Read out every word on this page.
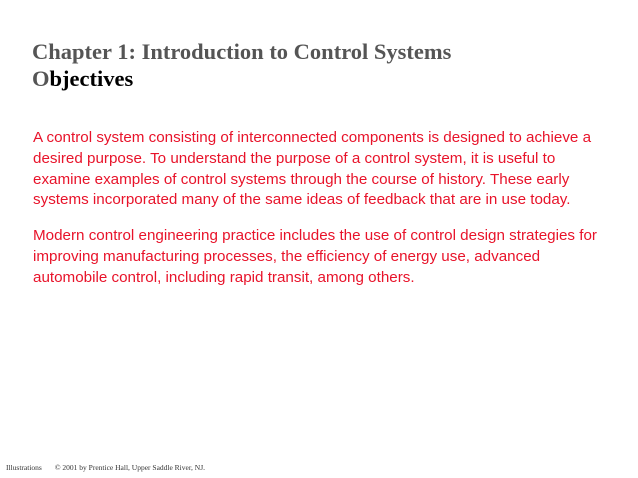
Chapter 1: Introduction to Control Systems
Objectives
A control system consisting of interconnected components is designed to achieve a
desired purpose. To understand the purpose of a control system, it is useful to
examine examples of control systems through the course of history. These early
systems incorporated many of the same ideas of feedback that are in use today.
Modern control engineering practice includes the use of control design strategies for
improving manufacturing processes, the efficiency of energy use, advanced
automobile control, including rapid transit, among others.
Illustrations © 2001 by Prentice Hall, Upper Saddle River, NJ.
